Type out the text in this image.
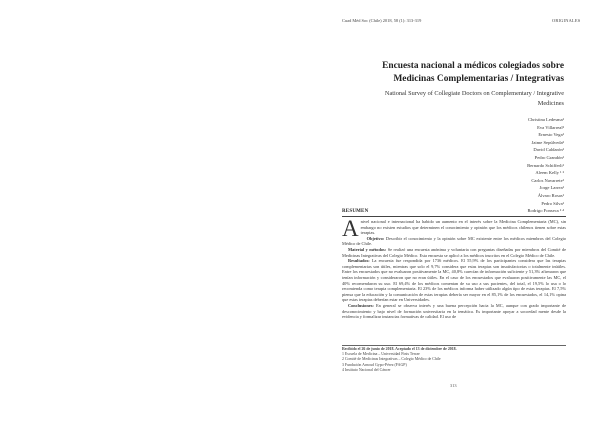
Cuad Méd Soc (Chile) 2018, 58 (1): 313-319	ORIGINALES
Encuesta nacional a médicos colegiados sobre
Medicinas Complementarias / Integrativas
National Survey of Collegiate Doctors on Complementary / Integrative
Medicines
Christina Ledesma¹
Eva Villarreal²
Ernesto Vega¹
Jaime Sepúlveda³
David Caldarón¹
Pedro Grandón¹
Bernardo Schifferli¹
Aleem Kelly ¹ ²
Carlos Navarrete¹
Jorge Larrea¹
Álvaro Rosas¹
Pedro Silva¹
Rodrigo Fonseca ³ ⁴
RESUMEN

Anivel nacional e internacional ha habido un aumento en el interés sobre la Medicina Complementaria (MC), sin embargo no existen estudios que determinen el conocimiento y opinión que los médicos chilenos tienen sobre estas terapias.

Objetivo: Describir el conocimiento y la opinión sobre MC existente entre los médicos miembros del Colegio Médico de Chile.

Material y métodos: Se realizó una encuesta anónima y voluntaria con preguntas diseñadas por miembros del Comité de Medicinas Integrativas del Colegio Médico. Esta encuesta se aplicó a los médicos inscritos en el Colegio Médico de Chile.

Resultados: La encuesta fue respondida por 1736 médicos. El 55,9% de los participantes considera que las terapias complementarias son útiles, mientras que solo el 9,7% considera que estas terapias son insatisfactorias o totalmente inútiles. Entre los encuestados que no evaluaron positivamente la MC, 40,8% carecían de información suficiente y 51,3% afirmaron que tenían información y consideraron que no eran útiles. En el caso de los encuestados que evaluaron positivamente las MC, el 40% recomendaron su uso. El 69,4% de los médicos comentan de su uso a sus pacientes, del total, el 19,5% lo usa o lo recomienda como terapia complementaria. El 23% de los médicos informa haber utilizado algún tipo de estas terapias. El 7,5% piensa que la educación y la comunicación de estas terapias debería ser mayor en el 85,1% de los encuestados, el 14,1% opina que estas terapias deberían estar en Universidades.

Conclusiones: En general se observa interés y una buena percepción hacia la MC, aunque con grado importante de desconocimiento y bajo nivel de formación universitaria en la temática. Es importante apoyar a socoedad mente desde la evidencia y formalizar instancias formativas de calidad. El uso de

Recibido el 26 de junio de 2018. Aceptado el 13 de diciembre de 2018.
1 Escuela de Medicina – Universidad Finis Terrae
2 Comité de Medicinas Integrativas – Colegio Médico de Chile
3 Fundación Arnoud Gypo-Pérez (FAGP)
4 Instituto Nacional del Cáncer
313
